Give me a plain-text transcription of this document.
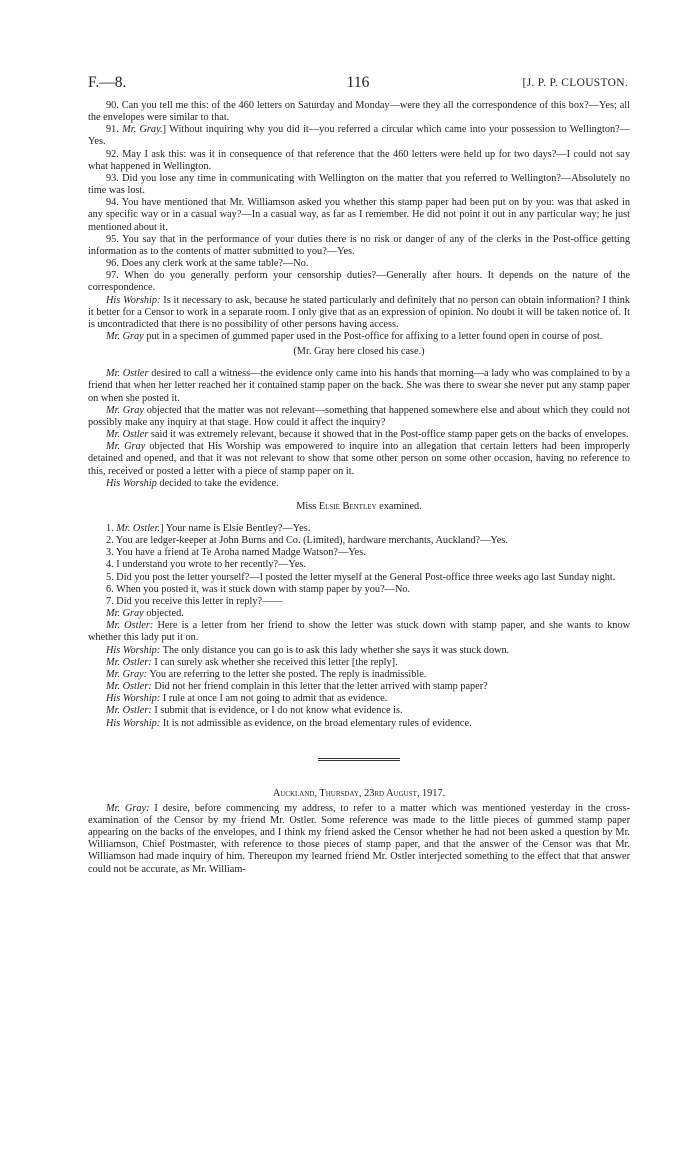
F.—8.	116	[J. P. P. CLOUSTON.

90. Can you tell me this: of the 460 letters on Saturday and Monday—were they all the correspondence of this box?—Yes; all the envelopes were similar to that.

91. Mr. Gray.] Without inquiring why you did it—you referred a circular which came into your possession to Wellington?—Yes.

92. May I ask this: was it in consequence of that reference that the 460 letters were held up for two days?—I could not say what happened in Wellington.

93. Did you lose any time in communicating with Wellington on the matter that you referred to Wellington?—Absolutely no time was lost.

94. You have mentioned that Mr. Williamson asked you whether this stamp paper had been put on by you: was that asked in any specific way or in a casual way?—In a casual way, as far as I remember. He did not point it out in any particular way; he just mentioned about it.

95. You say that in the performance of your duties there is no risk or danger of any of the clerks in the Post-office getting information as to the contents of matter submitted to you?—Yes.

96. Does any clerk work at the same table?—No.

97. When do you generally perform your censorship duties?—Generally after hours. It depends on the nature of the correspondence.

His Worship: Is it necessary to ask, because he stated particularly and definitely that no person can obtain information? I think it better for a Censor to work in a separate room. I only give that as an expression of opinion. No doubt it will be taken notice of. It is uncontradicted that there is no possibility of other persons having access.

Mr. Gray put in a specimen of gummed paper used in the Post-office for affixing to a letter found open in course of post.

(Mr. Gray here closed his case.)

Mr. Ostler desired to call a witness—the evidence only came into his hands that morning—a lady who was complained to by a friend that when her letter reached her it contained stamp paper on the back. She was there to swear she never put any stamp paper on when she posted it.

Mr. Gray objected that the matter was not relevant—something that happened somewhere else and about which they could not possibly make any inquiry at that stage. How could it affect the inquiry?

Mr. Ostler said it was extremely relevant, because it showed that in the Post-office stamp paper gets on the backs of envelopes.

Mr. Gray objected that His Worship was empowered to inquire into an allegation that certain letters had been improperly detained and opened, and that it was not relevant to show that some other person on some other occasion, having no reference to this, received or posted a letter with a piece of stamp paper on it.

His Worship decided to take the evidence.

Miss Elsie Bentley examined.

1. Mr. Ostler.] Your name is Elsie Bentley?—Yes.

2. You are ledger-keeper at John Burns and Co. (Limited), hardware merchants, Auckland?—Yes.

3. You have a friend at Te Aroha named Madge Watson?—Yes.

4. I understand you wrote to her recently?—Yes.

5. Did you post the letter yourself?—I posted the letter myself at the General Post-office three weeks ago last Sunday night.

6. When you posted it, was it stuck down with stamp paper by you?—No.

7. Did you receive this letter in reply?——

Mr. Gray objected.

Mr. Ostler: Here is a letter from her friend to show the letter was stuck down with stamp paper, and she wants to know whether this lady put it on.

His Worship: The only distance you can go is to ask this lady whether she says it was stuck down.

Mr. Ostler: I can surely ask whether she received this letter [the reply].

Mr. Gray: You are referring to the letter she posted. The reply is inadmissible.

Mr. Ostler: Did not her friend complain in this letter that the letter arrived with stamp paper?

His Worship: I rule at once I am not going to admit that as evidence.

Mr. Ostler: I submit that is evidence, or I do not know what evidence is.

His Worship: It is not admissible as evidence, on the broad elementary rules of evidence.

Auckland, Thursday, 23rd August, 1917.

Mr. Gray: I desire, before commencing my address, to refer to a matter which was mentioned yesterday in the cross-examination of the Censor by my friend Mr. Ostler. Some reference was made to the little pieces of gummed stamp paper appearing on the backs of the envelopes, and I think my friend asked the Censor whether he had not been asked a question by Mr. Williamson, Chief Postmaster, with reference to those pieces of stamp paper, and that the answer of the Censor was that Mr. Williamson had made inquiry of him. Thereupon my learned friend Mr. Ostler interjected something to the effect that that answer could not be accurate, as Mr. William-
